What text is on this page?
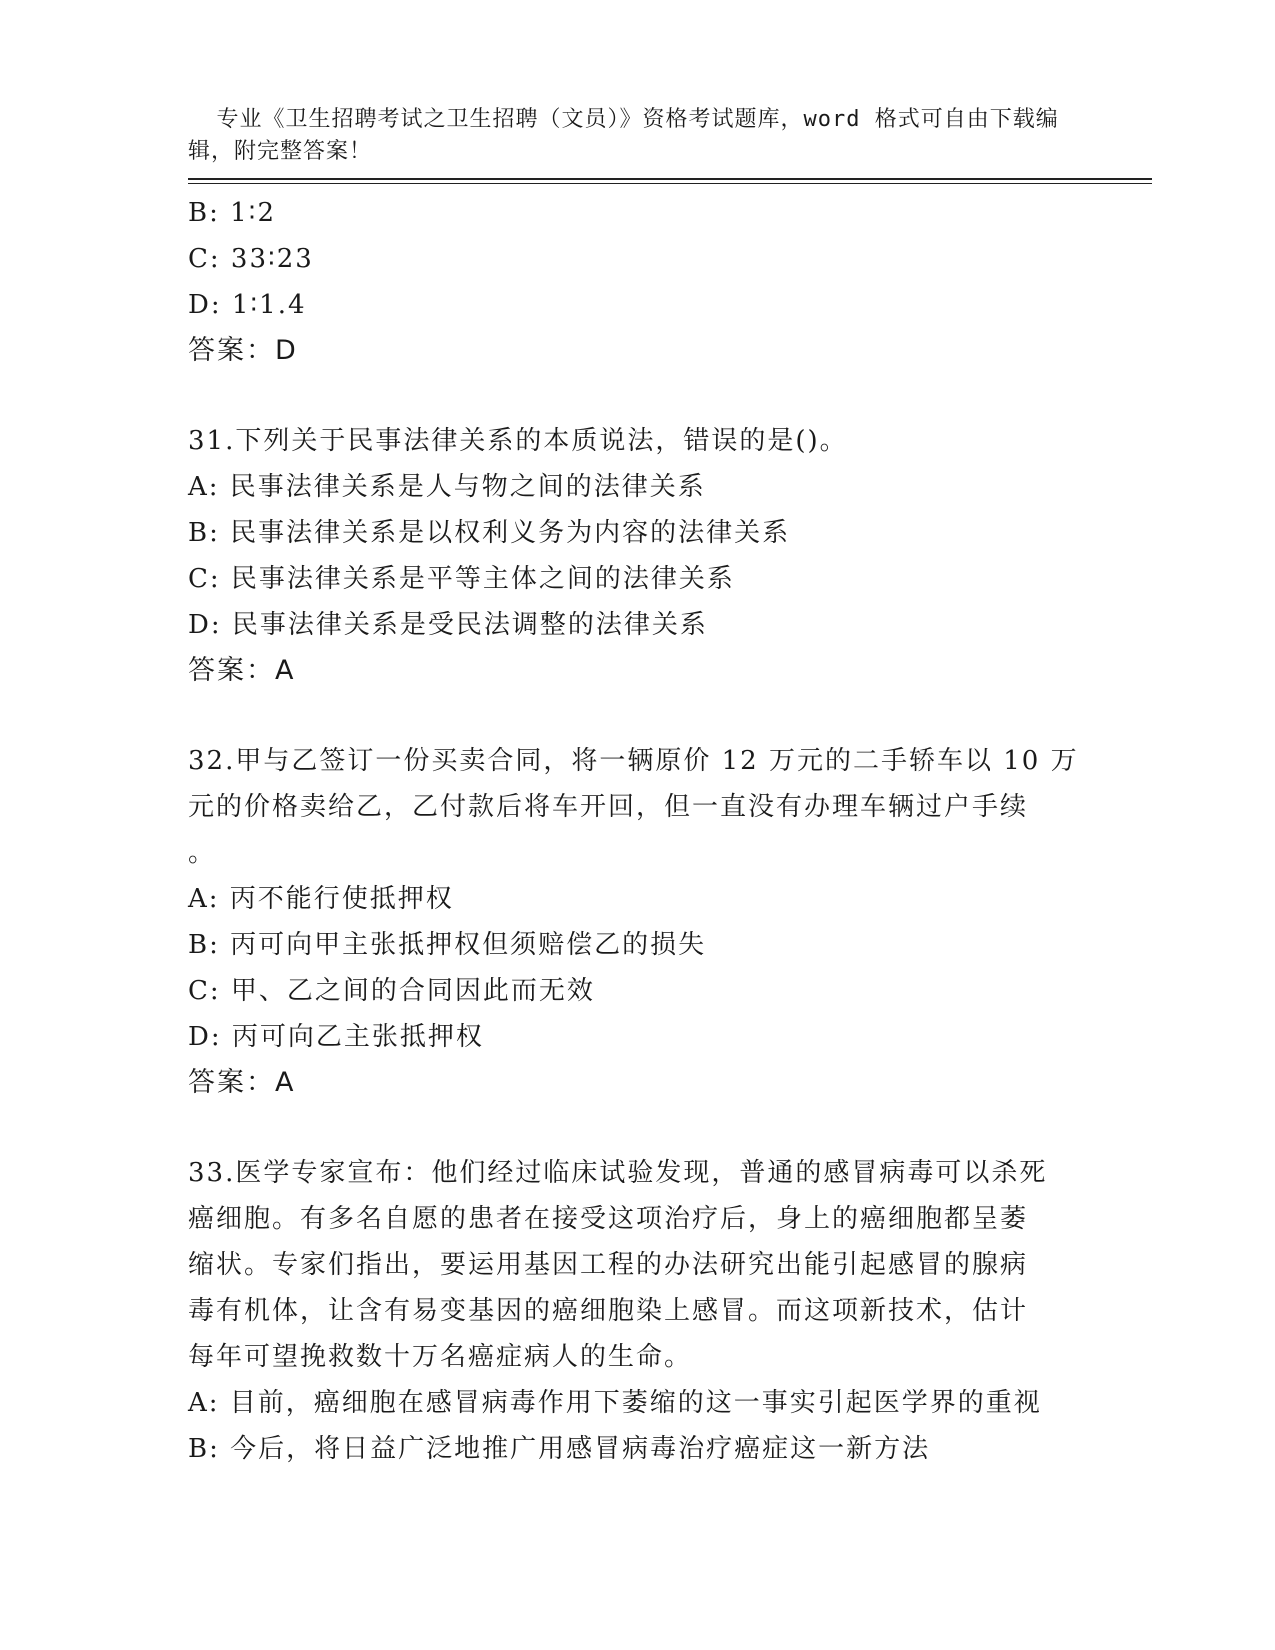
专业《卫生招聘考试之卫生招聘（文员）》资格考试题库，word 格式可自由下载编辑，附完整答案！

B: 1∶2
C: 33∶23
D: 1∶1.4
答案：D
31.下列关于民事法律关系的本质说法，错误的是()。
A: 民事法律关系是人与物之间的法律关系
B: 民事法律关系是以权利义务为内容的法律关系
C: 民事法律关系是平等主体之间的法律关系
D: 民事法律关系是受民法调整的法律关系
答案：A
32.甲与乙签订一份买卖合同，将一辆原价 12 万元的二手轿车以 10 万
元的价格卖给乙，乙付款后将车开回，但一直没有办理车辆过户手续
。
A: 丙不能行使抵押权
B: 丙可向甲主张抵押权但须赔偿乙的损失
C: 甲、乙之间的合同因此而无效
D: 丙可向乙主张抵押权
答案：A
33.医学专家宣布：他们经过临床试验发现，普通的感冒病毒可以杀死
癌细胞。有多名自愿的患者在接受这项治疗后，身上的癌细胞都呈萎
缩状。专家们指出，要运用基因工程的办法研究出能引起感冒的腺病
毒有机体，让含有易变基因的癌细胞染上感冒。而这项新技术，估计
每年可望挽救数十万名癌症病人的生命。
A: 目前，癌细胞在感冒病毒作用下萎缩的这一事实引起医学界的重视
B: 今后，将日益广泛地推广用感冒病毒治疗癌症这一新方法
